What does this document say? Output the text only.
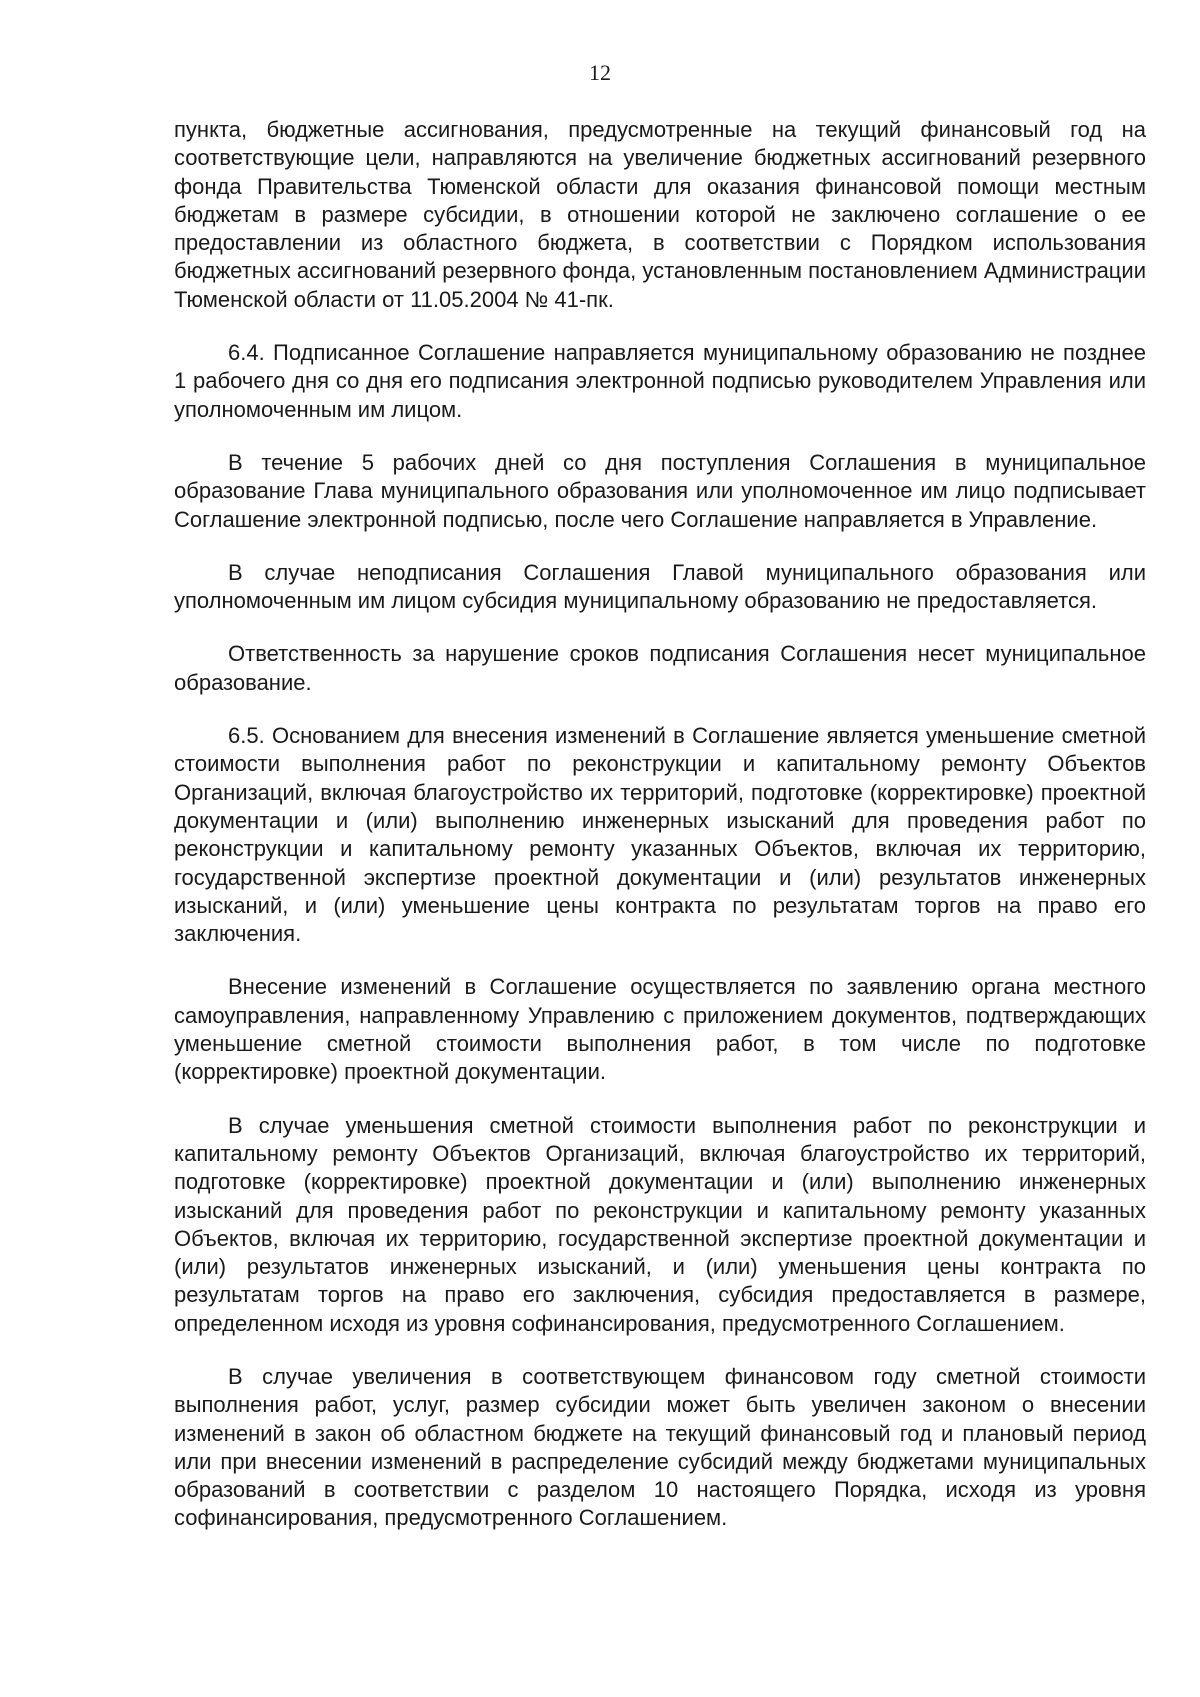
12

пункта, бюджетные ассигнования, предусмотренные на текущий финансовый год на соответствующие цели, направляются на увеличение бюджетных ассигнований резервного фонда Правительства Тюменской области для оказания финансовой помощи местным бюджетам в размере субсидии, в отношении которой не заключено соглашение о ее предоставлении из областного бюджета, в соответствии с Порядком использования бюджетных ассигнований резервного фонда, установленным постановлением Администрации Тюменской области от 11.05.2004 № 41-пк.

6.4. Подписанное Соглашение направляется муниципальному образованию не позднее 1 рабочего дня со дня его подписания электронной подписью руководителем Управления или уполномоченным им лицом.

В течение 5 рабочих дней со дня поступления Соглашения в муниципальное образование Глава муниципального образования или уполномоченное им лицо подписывает Соглашение электронной подписью, после чего Соглашение направляется в Управление.

В случае неподписания Соглашения Главой муниципального образования или уполномоченным им лицом субсидия муниципальному образованию не предоставляется.

Ответственность за нарушение сроков подписания Соглашения несет муниципальное образование.

6.5. Основанием для внесения изменений в Соглашение является уменьшение сметной стоимости выполнения работ по реконструкции и капитальному ремонту Объектов Организаций, включая благоустройство их территорий, подготовке (корректировке) проектной документации и (или) выполнению инженерных изысканий для проведения работ по реконструкции и капитальному ремонту указанных Объектов, включая их территорию, государственной экспертизе проектной документации и (или) результатов инженерных изысканий, и (или) уменьшение цены контракта по результатам торгов на право его заключения.

Внесение изменений в Соглашение осуществляется по заявлению органа местного самоуправления, направленному Управлению с приложением документов, подтверждающих уменьшение сметной стоимости выполнения работ, в том числе по подготовке (корректировке) проектной документации.

В случае уменьшения сметной стоимости выполнения работ по реконструкции и капитальному ремонту Объектов Организаций, включая благоустройство их территорий, подготовке (корректировке) проектной документации и (или) выполнению инженерных изысканий для проведения работ по реконструкции и капитальному ремонту указанных Объектов, включая их территорию, государственной экспертизе проектной документации и (или) результатов инженерных изысканий, и (или) уменьшения цены контракта по результатам торгов на право его заключения, субсидия предоставляется в размере, определенном исходя из уровня софинансирования, предусмотренного Соглашением.

В случае увеличения в соответствующем финансовом году сметной стоимости выполнения работ, услуг, размер субсидии может быть увеличен законом о внесении изменений в закон об областном бюджете на текущий финансовый год и плановый период или при внесении изменений в распределение субсидий между бюджетами муниципальных образований в соответствии с разделом 10 настоящего Порядка, исходя из уровня софинансирования, предусмотренного Соглашением.
